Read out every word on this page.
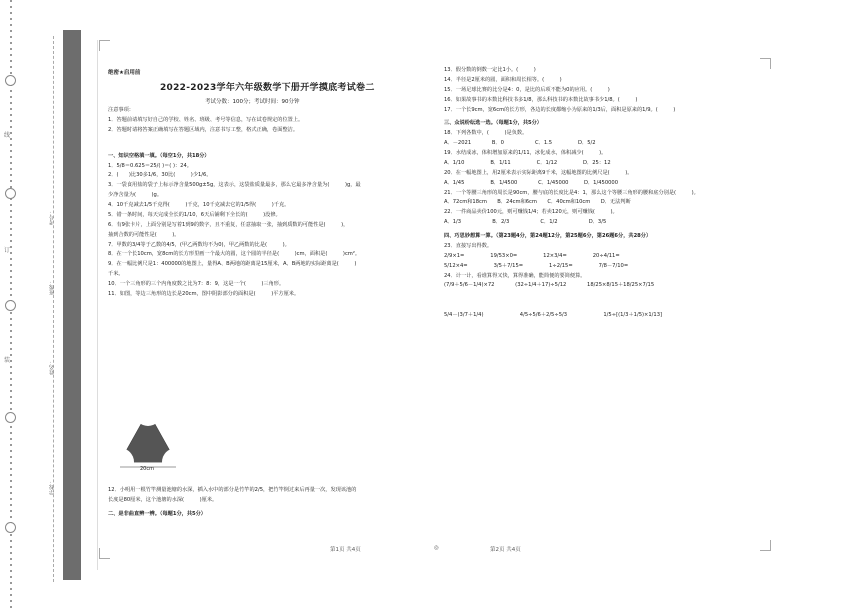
线
订
装
学校：
姓名：
班级：
考号：
绝密★启用前
2022-2023学年六年级数学下册开学摸底考试卷二
考试分数：100分；考试时间：90分钟
注意事项：
1．答题前请填写好自己的学校、姓名、班级、考号等信息，写在试卷规定的位置上。
2．答题时请将答案正确填写在答题区域内，注意书写工整，格式正确，卷面整洁。
一、知识空格填一填。（每空1分，共18分）
1．5/8＝0.625＝25/( )＝( )：24。
2．(　　)比30多1/6，30比(　　　)少1/6。
3．一袋食用盐的袋子上标示净含量500g±5g，这表示，这袋盐质量最多，那么它最多净含量为(　　　)g，最
少净含量为(　　　)g。
4．10千克减去1/5千克得(　　　)千克，10千克减去它的1/5得(　　　)千克。
5．错一条时间，每天完成全长的1/10，6天后铺剩下全长的(　　　)没修。
6．有9张卡片，上面分别是写着1到9的数字，且不重复，任意抽取一张，抽到质数的可能性是(　　　)，
抽到合数的可能性是(　　　)。
7．甲数的3/4等于乙数的4/5，(甲乙两数均不为0)，甲乙两数的比是(　　　)。
8．在一个长10cm，宽8cm的长方形里画一个最大的圆，这个圆的半径是(　　　)cm，面积是(　　　)cm²。
9．在一幅比例尺是1：400000的地图上，量得A、B两地的距离是15厘米，A、B两地的实际距离是(　　　)
千米。
10．一个三角形的三个内角度数之比为7：8：9，这是一个(　　　)三角形。
11．如图，等边三角形的边长是20cm，图中阴影部分的面积是(　　　)平方厘米。
20cm
12．小明用一根竹竿测量池塘的水深，插入水中的部分是竹竿的2/5，把竹竿倒过来后再量一次，发现该池的
长度是80厘米，这个池塘的水深(　　　)厘米。
二、是非曲直辨一辨。（每题1分，共5分）
13．假分数的倒数一定比1小。(　　　)
14．半径是2厘米的圆，面积和周长相等。(　　　)
15．一场足球比赛的比分是4：0，是比的后项不能为0的应用。(　　　)
16．如果故事书的本数比科技书多1/8，那么科技书的本数比故事书少1/8。(　　　)
17．一个长9cm，宽6cm的长方形，各边的长度都缩小为原来的1/3后，面积是原来的1/9。(　　　)
三、众说纷纭选一选。（每题1分，共5分）
18．下列各数中，(　　　)是负数。
A．－2021　　　　B．0　　　　　　C．1.5　　　　　D．5/2
19．水结成冰，体积增加原来的1/11，冰化成水，体积减少(　　　)。
A．1/10　　　　　B．1/11　　　　　C．1/12　　　　　D．25：12
20．在一幅地图上，用2厘米表示实际距离9千米，这幅地图的比例尺是(　　　)。
A．1/45　　　　　B．1/4500　　　　C．1/45000　　　D．1/450000
21．一个等腰三角形的周长是90cm，腰与底的长度比是4：1，那么这个等腰三角形的腰和底分别是(　　　)。
A．72cm和18cm　　B．24cm和6cm　　C．40cm和10cm　　D．无法判断
22．一件商品卖价100元，则可赚钱1/4；若卖120元，则可赚钱(　　　)。
A．1/3　　　　　　B．2/3　　　　　　C．1/2　　　　　　D．3/5
四、巧思妙想算一算。（第23题4分，第24题12分，第25题6分，第26题6分，共28分）
23．直接写出得数。
2/9×1=　　　　　19/53×0=　　　　　12×3/4=　　　　　20÷4/11=
5/12×4=　　　　　3/5＋7/15=　　　　　1÷2/15=　　　　　7/8－7/10=
24．计一计，看谁算得又快，算得准确，能简便的要简便算。
(7/9＋5/6－1/4)×72　　　　(32÷1/4＋17)÷5/12　　　　18/25×8/15＋18/25×7/15
5/4－(3/7＋1/4)　　　　　　　4/5÷5/6＋2/5÷5/3　　　　　　　1/5÷[(1/3＋1/5)×1/13]
第1页 共4页	◎	第2页 共4页
